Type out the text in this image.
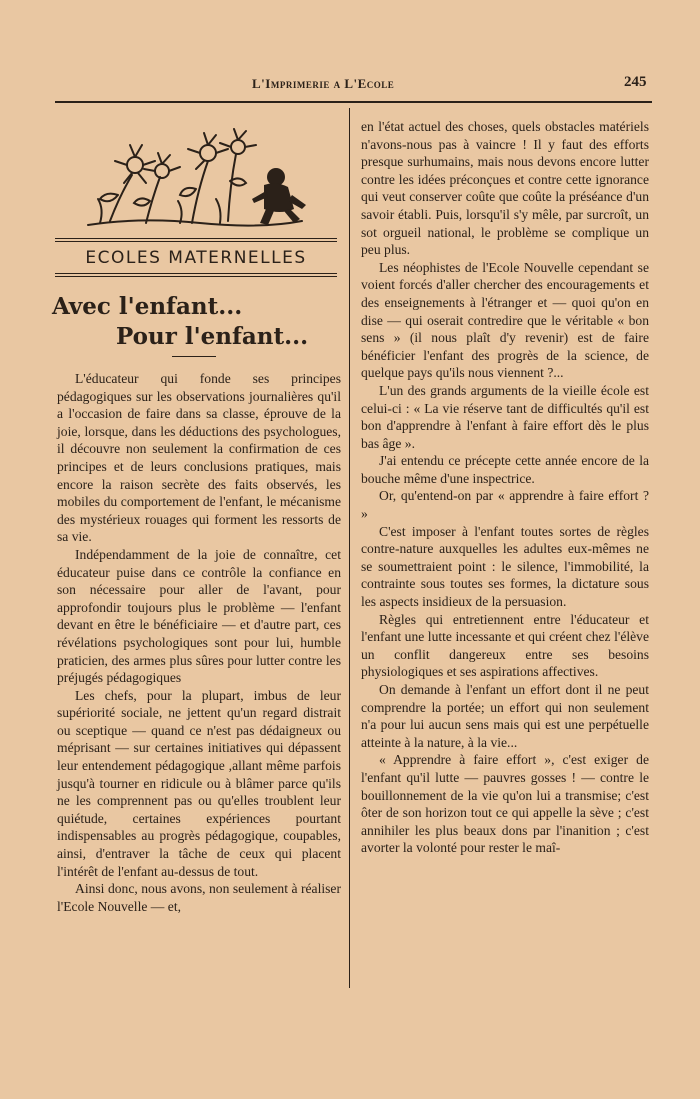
L'Imprimerie a L'Ecole	245
ECOLES MATERNELLES
Avec l'enfant...
Pour l'enfant...

L'éducateur qui fonde ses principes pédagogiques sur les observations journalières qu'il a l'occasion de faire dans sa classe, éprouve de la joie, lorsque, dans les déductions des psychologues, il découvre non seulement la confirmation de ces principes et de leurs conclusions pratiques, mais encore la raison secrète des faits observés, les mobiles du comportement de l'enfant, le mécanisme des mystérieux rouages qui forment les ressorts de sa vie.

Indépendamment de la joie de connaître, cet éducateur puise dans ce contrôle la confiance en son nécessaire pour aller de l'avant, pour approfondir toujours plus le problème — l'enfant devant en être le bénéficiaire — et d'autre part, ces révélations psychologiques sont pour lui, humble praticien, des armes plus sûres pour lutter contre les préjugés pédagogiques

Les chefs, pour la plupart, imbus de leur supériorité sociale, ne jettent qu'un regard distrait ou sceptique — quand ce n'est pas dédaigneux ou méprisant — sur certaines initiatives qui dépassent leur entendement pédagogique ,allant même parfois jusqu'à tourner en ridicule ou à blâmer parce qu'ils ne les comprennent pas ou qu'elles troublent leur quiétude, certaines expériences pourtant indispensables au progrès pédagogique, coupables, ainsi, d'entraver la tâche de ceux qui placent l'intérêt de l'enfant au-dessus de tout.

Ainsi donc, nous avons, non seulement à réaliser l'Ecole Nouvelle — et,

en l'état actuel des choses, quels obstacles matériels n'avons-nous pas à vaincre ! Il y faut des efforts presque surhumains, mais nous devons encore lutter contre les idées préconçues et contre cette ignorance qui veut conserver coûte que coûte la préséance d'un savoir établi. Puis, lorsqu'il s'y mêle, par surcroît, un sot orgueil national, le problème se complique un peu plus.

Les néophistes de l'Ecole Nouvelle cependant se voient forcés d'aller chercher des encouragements et des enseignements à l'étranger et — quoi qu'on en dise — qui oserait contredire que le véritable « bon sens » (il nous plaît d'y revenir) est de faire bénéficier l'enfant des progrès de la science, de quelque pays qu'ils nous viennent ?...

L'un des grands arguments de la vieille école est celui-ci : « La vie réserve tant de difficultés qu'il est bon d'apprendre à l'enfant à faire effort dès le plus bas âge ».

J'ai entendu ce précepte cette année encore de la bouche même d'une inspectrice.

Or, qu'entend-on par « apprendre à faire effort ? »

C'est imposer à l'enfant toutes sortes de règles contre-nature auxquelles les adultes eux-mêmes ne se soumettraient point : le silence, l'immobilité, la contrainte sous toutes ses formes, la dictature sous les aspects insidieux de la persuasion.

Règles qui entretiennent entre l'éducateur et l'enfant une lutte incessante et qui créent chez l'élève un conflit dangereux entre ses besoins physiologiques et ses aspirations affectives.

On demande à l'enfant un effort dont il ne peut comprendre la portée; un effort qui non seulement n'a pour lui aucun sens mais qui est une perpétuelle atteinte à la nature, à la vie...

« Apprendre à faire effort », c'est exiger de l'enfant qu'il lutte — pauvres gosses ! — contre le bouillonnement de la vie qu'on lui a transmise; c'est ôter de son horizon tout ce qui appelle la sève ; c'est annihiler les plus beaux dons par l'inanition ; c'est avorter la volonté pour rester le maî-
